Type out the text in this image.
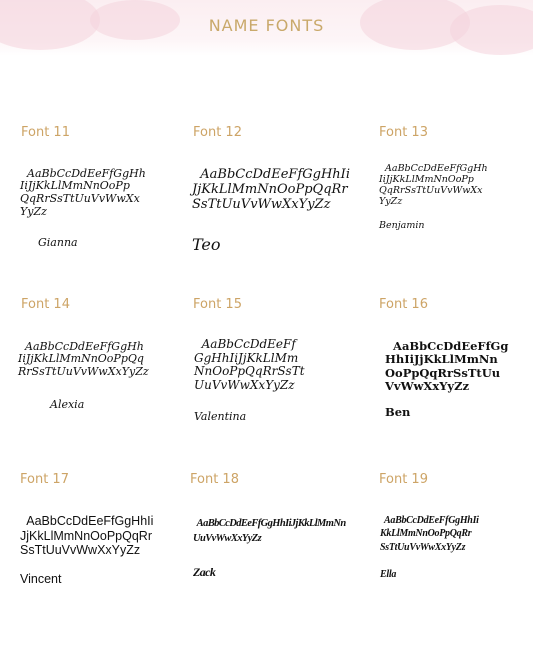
NAME FONTS
Font 11

AaBbCcDdEeFfGgHh
IiJjKkLlMmNnOoPp
QqRrSsTtUuVvWwXx
YyZz

Gianna

Font 12

AaBbCcDdEeFfGgHhIi
JjKkLlMmNnOoPpQqRr
SsTtUuVvWwXxYyZz

Teo

Font 13

AaBbCcDdEeFfGgHh
IiJjKkLlMmNnOoPp
QqRrSsTtUuVvWwXx
YyZz

Benjamin

Font 14

AaBbCcDdEeFfGgHh
IiJjKkLlMmNnOoPpQq
RrSsTtUuVvWwXxYyZz

Alexia

Font 15

AaBbCcDdEeFf
GgHhIiJjKkLlMm
NnOoPpQqRrSsTt
UuVvWwXxYyZz

Valentina

Font 16

AaBbCcDdEeFfGg
HhIiJjKkLlMmNn
OoPpQqRrSsTtUu
VvWwXxYyZz

Ben

Font 17

AaBbCcDdEeFfGgHhIi
JjKkLlMmNnOoPpQqRr
SsTtUuVvWwXxYyZz

Vincent

Font 18

AaBbCcDdEeFfGgHhIiJjKkLlMmNn
UuVvWwXxYyZz

Zack

Font 19

AaBbCcDdEeFfGgHhIi
KkLlMmNnOoPpQqRr
SsTtUuVvWwXxYyZz

Ella
